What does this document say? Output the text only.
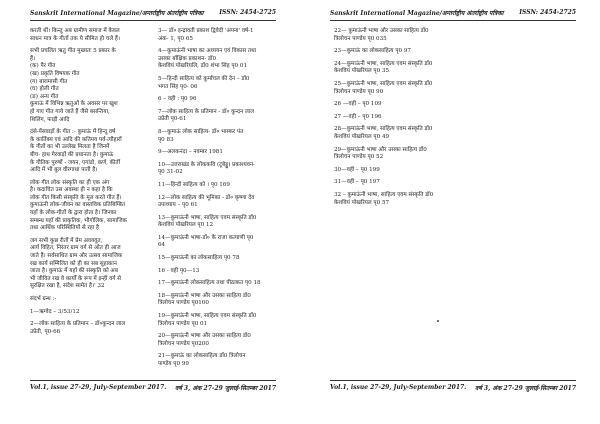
Sanskrit International Magazine/अन्तर्राष्ट्रीय अंतर्राष्ट्रीय पत्रिका	ISSN: 2454-2725

करती थीं। किन्तु अब ग्रामीण समाज में केवल

साधन मात्र के गीतों तक ये सीमित हो चले हैं।

सभी प्रचलित ऋतु गीत मुख्यतः 5 प्रकार के

हैं।

(क) पैर गीत

(ख) प्रकृति विषयक गीत

(ग) बारामासी गीत

(घ) होली गीत

(ङ) अन्य गीत

कुमाऊं में विभिन्न ऋतुओं के अवसर पर खुश

हो गाए गीत गाये जाते हैं जैसे बसन्तिया,

शिलिंग, फाड़ी आदि

दंसे-पेंसवाड़ों के गीत :- कुमाऊं में हिन्दू वर्ष

के कार्तिक्य एवं आदि की कतिपय पर्व-त्यौहारों

के गीतों का भी उल्लेख मिलता है जिनमें

बीच- हाथ गेरवाड़ों की प्रधानता है। कुमाऊं

के गौतिक पुरुषों - जयन, एगांडो, कर्ण, कीर्ती

आदि में भी बुल वीरगाथा पाती है।

लोक गीत लोक संस्कृति का ही एक अंग

है। कदाचित उस अवस्था ही न कहा है कि

लोक गीत किसी संस्कृति के मूल करते गीत हैं।

कुमाऊंनी लोक-जीवन का वास्तविक प्रतिबिम्बित

यहाँ के लोक-गीतों के द्वारा होता है। जिनका

सम्बन्ध यहाँ की प्राकृतिक, भौगोलिक, सामाजिक

तथा आर्थिक परिस्थितियों से रहा है

जग सभी कुछ रीतों में प्रेम अवयवुत,

आर्य विहित, निरंतर ग्राम वर्ग से ओत ही आज

जाते हैं। सर्वसाधित ग्राम और उत्सव सामाजिक

रख कार्य सम्मिलित को ही का सब सुहाकान

जाता है। कुमाऊं में यहाँ की संस्कृति को अब

भी जीवित रख वे कार्यों के रूप में इन्हीं वर्ग से

सुरक्षित रखा है, संदेश सामेत है।' 32

संदर्भ ग्रन्थ :-

1—ऋग्वेद – 3/53/12

2—लोक साहित्य के प्रतिमान – डॉ०कुन्दन लाल

उप्रेती, पृ0-66

3— डॉ० इन्द्रावती प्रकाश द्विवेदी 'अपना' वर्ष-1

अंक- 1, पृ0 65

4—कुमाऊंनी भाषा का अध्ययन एवं विकास तथा

उसका बाँक्षिक प्रकाशन- डॉ0

केशवियं पोखरियलि, डॉ0 शंभा सिंह पृ0 01

5—हिन्दी साहित्य को कूर्मांचल की देन – डॉ0

भगत सिंह पृ0- 06

6 – वही ; पृ0 96

7—लोक साहित्य के प्रतिमान - डॉ० कुन्दन लाल

उप्रेती पृ0-61

8—कुमाऊं लोक साहित्य- डॉ० भास्कर पंत

पृ0 83

9—अलकनंदा – नवम्बर 1981

10—उत्तराखंड के लोककवि (टूबेड्डु) प्रकाश्यवन-

पृ0 31-02

11—हिन्दी साहित्य को । पृ0 169

12—लोक साहित्य की भूमिका - डॉ० कृष्णा देव

उपाध्याय – पृ0 61

13—कुमाऊंनी भाषा, साहित्य एवम संस्कृति डॉ0

केशवियं पोखरियल पृ0 12

14—कुमाऊंनी भाषा-डॉ० के राजा कत्याणी पृ0

64

15—कुमाऊंनी का लोकसाहित्य पृ0 78

16 - वही पृ0—13

17—कुमाऊंनी लोकसाहित्य तथा पीठाकत पृ0 18

18—कुमाऊंनी भाषा और उसका साहित्य डॉ0

त्रिलोचन पाण्डेय पृ0100

19—कुमाऊंनी भाषा, साहित्य एवम संस्कृति डॉ0

त्रिलोचन पाण्डेय पृ0 01

20—कुमाऊंनी भाषा और उसका साहित्य डॉ0

त्रिलोचन पाण्डेय पृ0200

21—कुमाऊं का लोकसाहित्य डॉ0 त्रिलोचन

पाण्डेय पृ0 99

Vol.1, issue 27-29, July-September 2017. वर्ष 3, अंक 27-29 जुलाई-सितम्बर 2017
Sanskrit International Magazine/अन्तर्राष्ट्रीय अंतर्राष्ट्रीय पत्रिका	ISSN: 2454-2725

22— कुमाऊंनी भाषा और उसका साहित्य डॉ0

त्रिलोचन पाण्डेय पृ0 035

23—कुमाऊं का लोकसाहित्य पृ0 97

24—कुमाऊंनी भाषा, साहित्य एवम संस्कृति डॉ0

केशवियं पोखरियल पृ0 35

25—कुमाऊंनी भाषा, साहित्य एवम संस्कृति डॉ0

त्रिलोचन पाण्डेय पृ0 90

26 —वही – पृ0 109

27 —वही – पृ0 196

28—कुमाऊंनी भाषा, साहित्य एवम संस्कृति डॉ0

केशवियं पोखरियल पृ0 49

29—कुमाऊंनी भाषा और उसका साहित्य डॉ0

त्रिलोचन पाण्डेय पृ0 52

30—वही – पृ0 199

31—वही – पृ0 197

32 – कुमाऊंनी भाषा, साहित्य एवम संस्कृति डॉ0

केशवियं पोखरियल पृ0 57

Vol.1, issue 27-29, July-September 2017. वर्ष 3, अंक 27-29 जुलाई-सितम्बर 2017
